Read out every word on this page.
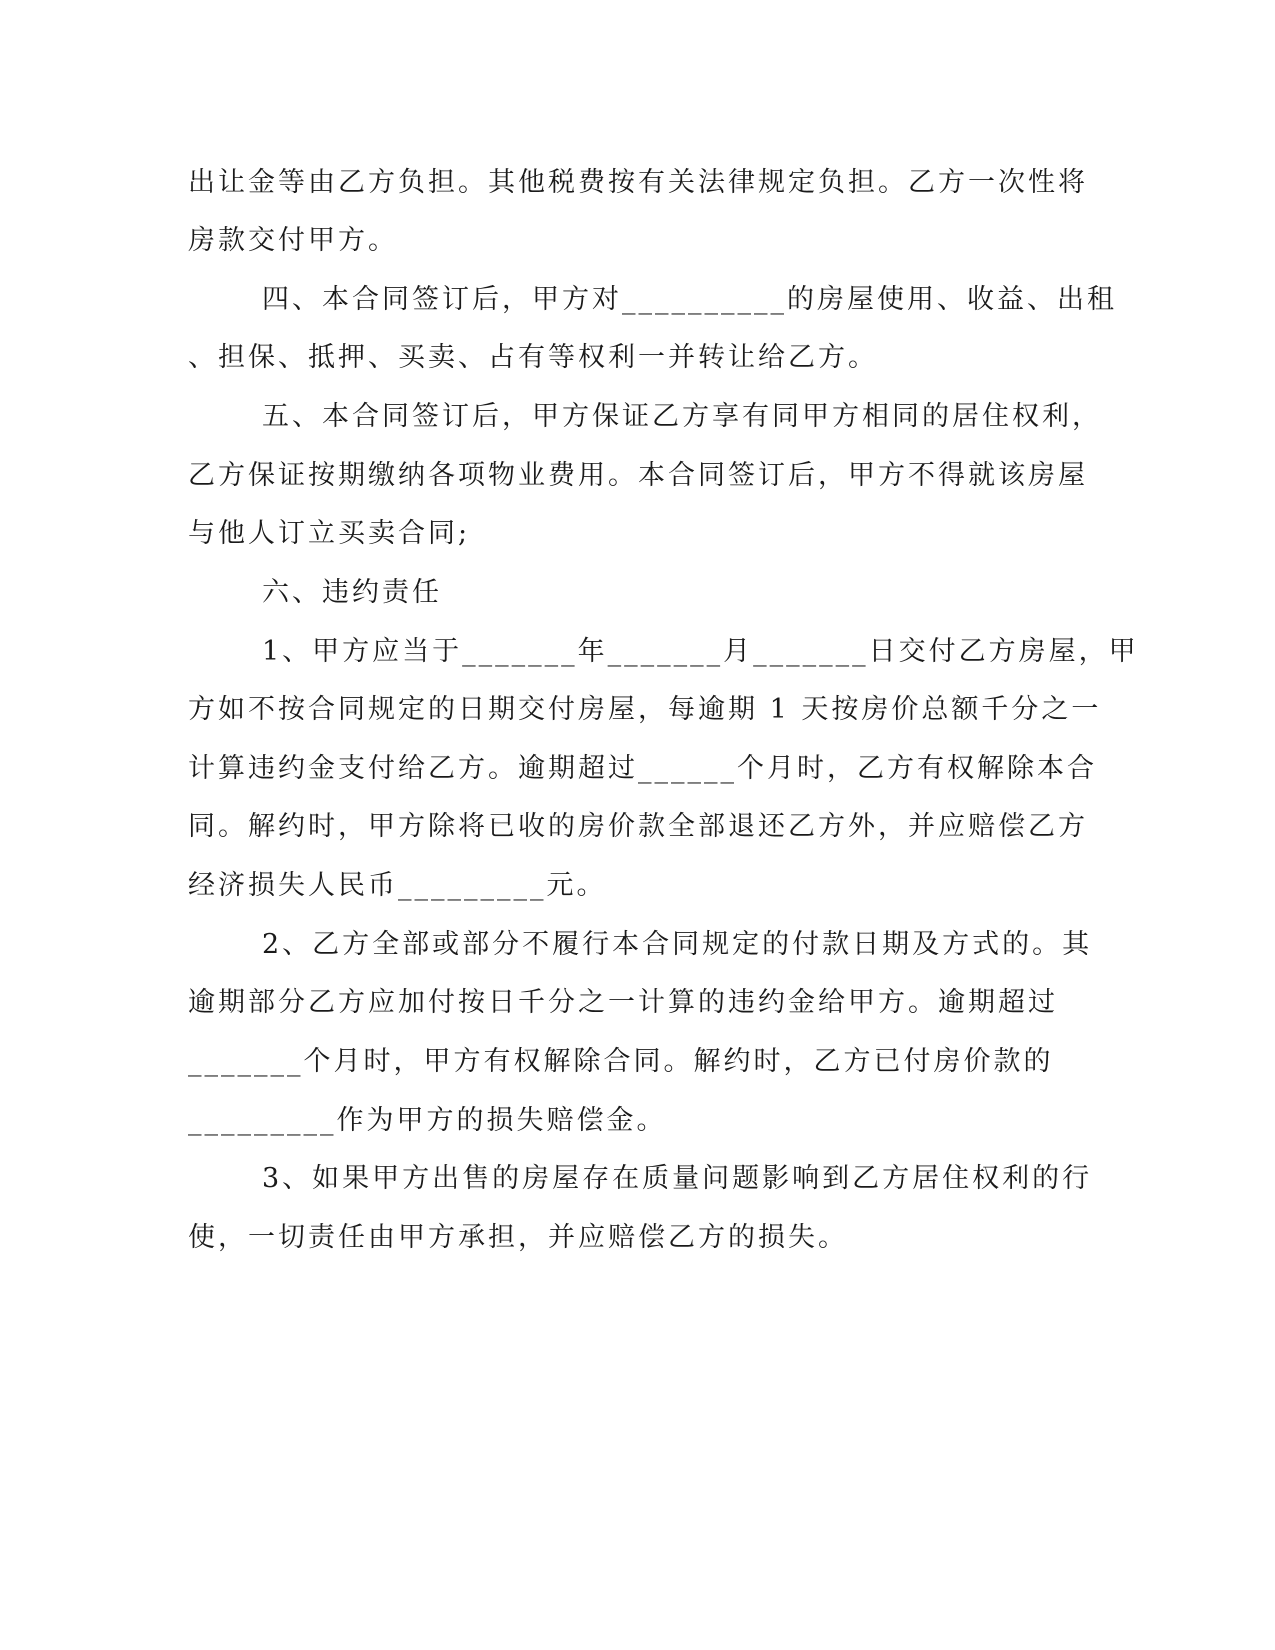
出让金等由乙方负担。其他税费按有关法律规定负担。乙方一次性将
房款交付甲方。
四、本合同签订后，甲方对__________的房屋使用、收益、出租
、担保、抵押、买卖、占有等权利一并转让给乙方。
五、本合同签订后，甲方保证乙方享有同甲方相同的居住权利，
乙方保证按期缴纳各项物业费用。本合同签订后，甲方不得就该房屋
与他人订立买卖合同;
六、违约责任
1、甲方应当于_______年_______月_______日交付乙方房屋，甲
方如不按合同规定的日期交付房屋，每逾期 1 天按房价总额千分之一
计算违约金支付给乙方。逾期超过______个月时，乙方有权解除本合
同。解约时，甲方除将已收的房价款全部退还乙方外，并应赔偿乙方
经济损失人民币_________元。
2、乙方全部或部分不履行本合同规定的付款日期及方式的。其
逾期部分乙方应加付按日千分之一计算的违约金给甲方。逾期超过
_______个月时，甲方有权解除合同。解约时，乙方已付房价款的
_________作为甲方的损失赔偿金。
3、如果甲方出售的房屋存在质量问题影响到乙方居住权利的行
使，一切责任由甲方承担，并应赔偿乙方的损失。
